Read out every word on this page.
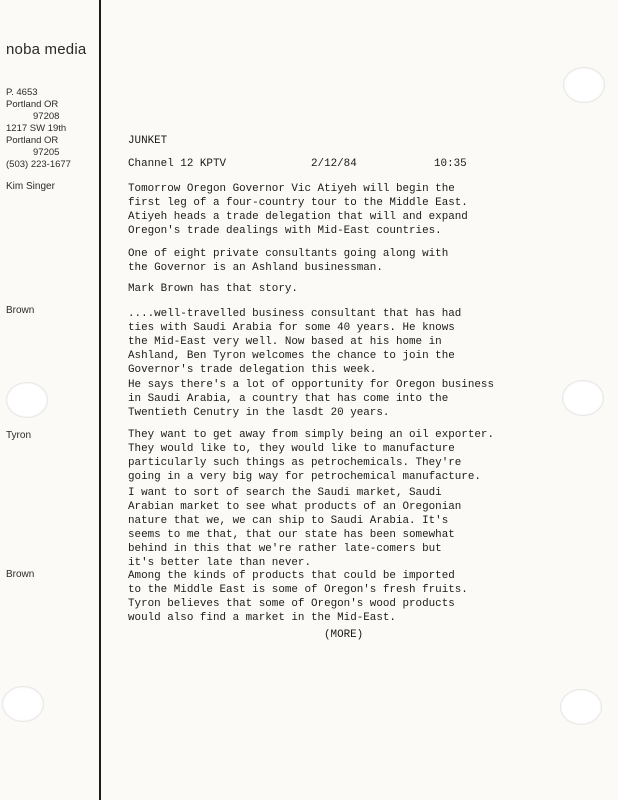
noba media
P. 4653
Portland OR
97208
1217 SW 19th
Portland OR
97205
(503) 223-1677
Kim Singer
Brown
Tyron
Brown
JUNKET
Channel 12 KPTV	2/12/84	10:35
Tomorrow Oregon Governor Vic Atiyeh will begin the
first leg of a four-country tour to the Middle East.
Atiyeh heads a trade delegation that will and expand
Oregon's trade dealings with Mid-East countries.
One of eight private consultants going along with
the Governor is an Ashland businessman.
Mark Brown has that story.
....well-travelled business consultant that has had
ties with Saudi Arabia for some 40 years. He knows
the Mid-East very well. Now based at his home in
Ashland, Ben Tyron welcomes the chance to join the
Governor's trade delegation this week.
He says there's a lot of opportunity for Oregon business
in Saudi Arabia, a country that has come into the
Twentieth Cenutry in the lasdt 20 years.
They want to get away from simply being an oil exporter.
They would like to, they would like to manufacture
particularly such things as petrochemicals. They're
going in a very big way for petrochemical manufacture.
I want to sort of search the Saudi market, Saudi
Arabian market to see what products of an Oregonian
nature that we, we can ship to Saudi Arabia. It's
seems to me that, that our state has been somewhat
behind in this that we're rather late-comers but
it's better late than never.
Among the kinds of products that could be imported
to the Middle East is some of Oregon's fresh fruits.
Tyron believes that some of Oregon's wood products
would also find a market in the Mid-East.
(MORE)
